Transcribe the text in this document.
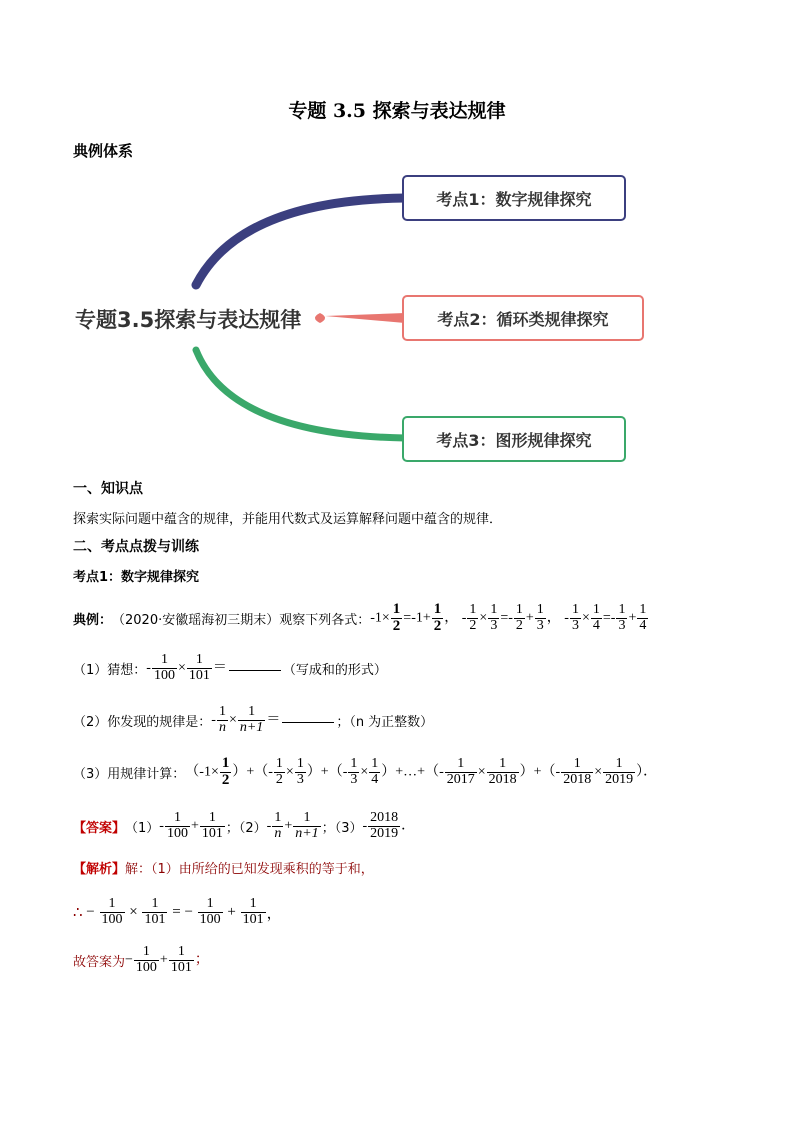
专题 3.5 探索与表达规律
典例体系
专题3.5探索与表达规律
考点1：数字规律探究
考点2：循环类规律探究
考点3：图形规律探究
一、知识点
探索实际问题中蕴含的规律，并能用代数式及运算解释问题中蕴含的规律．
二、考点点拨与训练
考点1：数字规律探究
典例： （2020·安徽瑶海初三期末）观察下列各式： $-1\times \frac{1}{2} =-1+ \frac{1}{2}$ ， - $\frac{1}{2} \times \frac{1}{3} =- \frac{1}{2} + \frac{1}{3}$ ， - $\frac{1}{3} \times \frac{1}{4} =- \frac{1}{3} + \frac{1}{4}$
（1）猜想： - $\frac{1}{100} \times \frac{1}{101}$ ＝	（写成和的形式）
（2）你发现的规律是： - $\frac{1}{n} \times \frac{1}{n+1}$ ＝	；（n 为正整数）
（3）用规律计算： （$-1\times \frac{1}{2}$ ）+（- $\frac{1}{2} \times \frac{1}{3}$ ）+（- $\frac{1}{3} \times \frac{1}{4}$ ）+…+（- $\frac{1}{2017} \times \frac{1}{2018}$ ）+（- $\frac{1}{2018} \times \frac{1}{2019}$ ）．
【答案】 $(1) - \frac{1}{100} + \frac{1}{101}$ ；$(2) - \frac{1}{n} + \frac{1}{n+1}$ ；$(3) - \frac{2018}{2019}$ ．
【解析】 解：（1）由所给的已知发现乘积的等于和，
∴ − $\frac{1}{100} \times \frac{1}{101}$ = − $\frac{1}{100} + \frac{1}{101}$ ，
故答案为 − $\frac{1}{100} + \frac{1}{101}$ ；
